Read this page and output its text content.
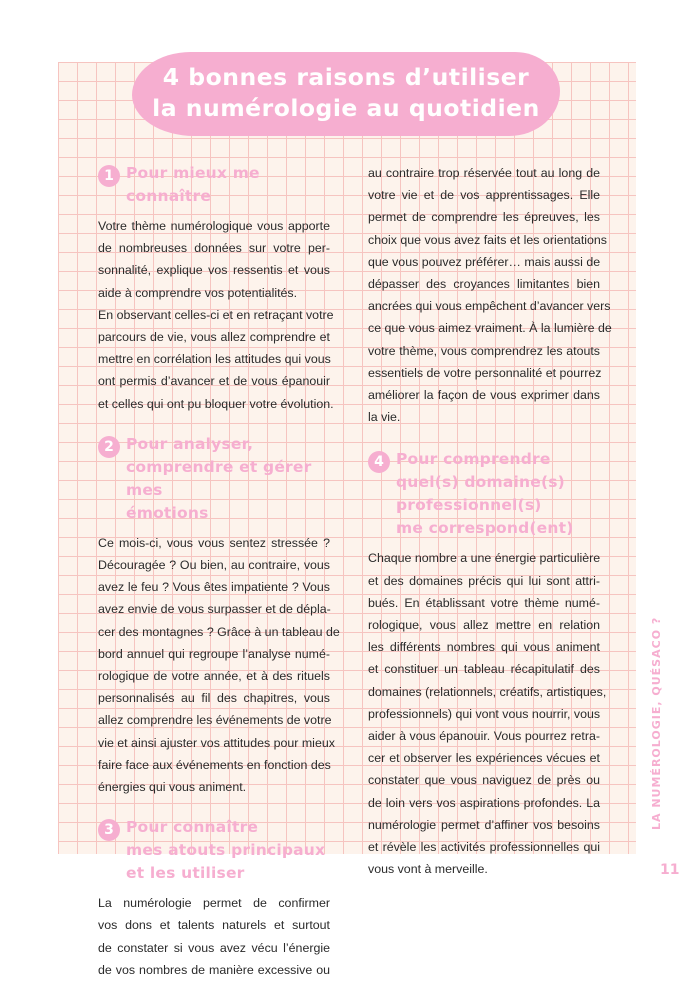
4 bonnes raisons d’utiliser
la numérologie au quotidien
1 Pour mieux me connaître
Votre thème numérologique vous apporte
de nombreuses données sur votre per-
sonnalité, explique vos ressentis et vous
aide à comprendre vos potentialités.
En observant celles-ci et en retraçant votre
parcours de vie, vous allez comprendre et
mettre en corrélation les attitudes qui vous
ont permis d’avancer et de vous épanouir
et celles qui ont pu bloquer votre évolution.
2 Pour analyser,
comprendre et gérer mes
émotions
Ce mois-ci, vous vous sentez stressée ?
Découragée ? Ou bien, au contraire, vous
avez le feu ? Vous êtes impatiente ? Vous
avez envie de vous surpasser et de dépla-
cer des montagnes ? Grâce à un tableau de
bord annuel qui regroupe l’analyse numé-
rologique de votre année, et à des rituels
personnalisés au fil des chapitres, vous
allez comprendre les événements de votre
vie et ainsi ajuster vos attitudes pour mieux
faire face aux événements en fonction des
énergies qui vous animent.
3 Pour connaître
mes atouts principaux
et les utiliser
La numérologie permet de confirmer
vos dons et talents naturels et surtout
de constater si vous avez vécu l’énergie
de vos nombres de manière excessive ou
au contraire trop réservée tout au long de
votre vie et de vos apprentissages. Elle
permet de comprendre les épreuves, les
choix que vous avez faits et les orientations
que vous pouvez préférer… mais aussi de
dépasser des croyances limitantes bien
ancrées qui vous empêchent d’avancer vers
ce que vous aimez vraiment. À la lumière de
votre thème, vous comprendrez les atouts
essentiels de votre personnalité et pourrez
améliorer la façon de vous exprimer dans
la vie.
4 Pour comprendre
quel(s) domaine(s)
professionnel(s)
me correspond(ent)
Chaque nombre a une énergie particulière
et des domaines précis qui lui sont attri-
bués. En établissant votre thème numé-
rologique, vous allez mettre en relation
les différents nombres qui vous animent
et constituer un tableau récapitulatif des
domaines (relationnels, créatifs, artistiques,
professionnels) qui vont vous nourrir, vous
aider à vous épanouir. Vous pourrez retra-
cer et observer les expériences vécues et
constater que vous naviguez de près ou
de loin vers vos aspirations profondes. La
numérologie permet d’affiner vos besoins
et révèle les activités professionnelles qui
vous vont à merveille.
LA NUMÉROLOGIE, QUÉSACO ?
11
